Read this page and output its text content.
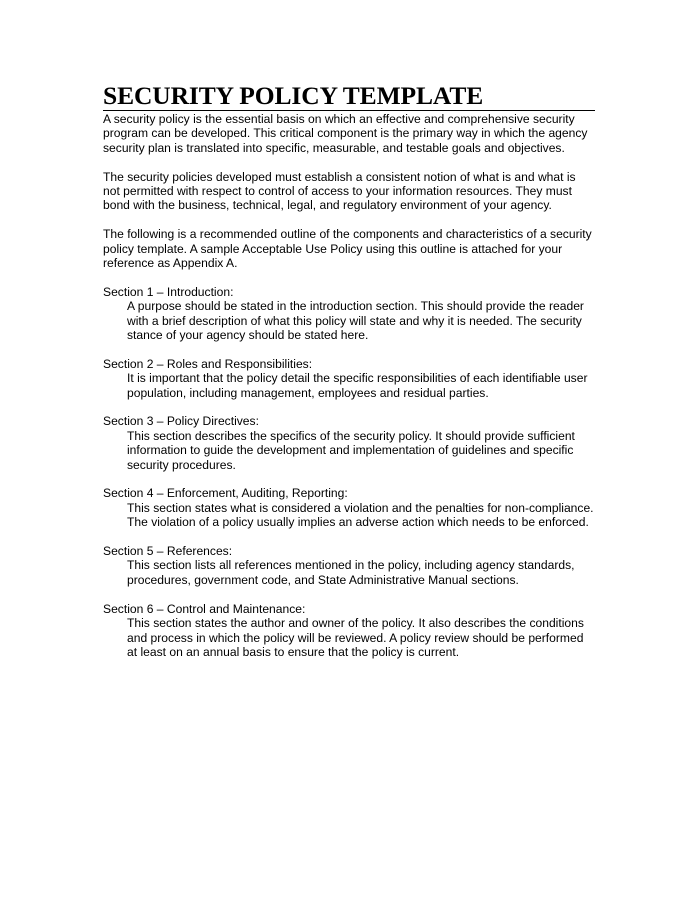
SECURITY POLICY TEMPLATE

A security policy is the essential basis on which an effective and comprehensive security program can be developed. This critical component is the primary way in which the agency security plan is translated into specific, measurable, and testable goals and objectives.

The security policies developed must establish a consistent notion of what is and what is not permitted with respect to control of access to your information resources. They must bond with the business, technical, legal, and regulatory environment of your agency.

The following is a recommended outline of the components and characteristics of a security policy template. A sample Acceptable Use Policy using this outline is attached for your reference as Appendix A.

Section 1 – Introduction:

A purpose should be stated in the introduction section. This should provide the reader with a brief description of what this policy will state and why it is needed. The security stance of your agency should be stated here.

Section 2 – Roles and Responsibilities:

It is important that the policy detail the specific responsibilities of each identifiable user population, including management, employees and residual parties.

Section 3 – Policy Directives:

This section describes the specifics of the security policy. It should provide sufficient information to guide the development and implementation of guidelines and specific security procedures.

Section 4 – Enforcement, Auditing, Reporting:

This section states what is considered a violation and the penalties for non-compliance. The violation of a policy usually implies an adverse action which needs to be enforced.

Section 5 – References:

This section lists all references mentioned in the policy, including agency standards, procedures, government code, and State Administrative Manual sections.

Section 6 – Control and Maintenance:

This section states the author and owner of the policy. It also describes the conditions and process in which the policy will be reviewed. A policy review should be performed at least on an annual basis to ensure that the policy is current.
